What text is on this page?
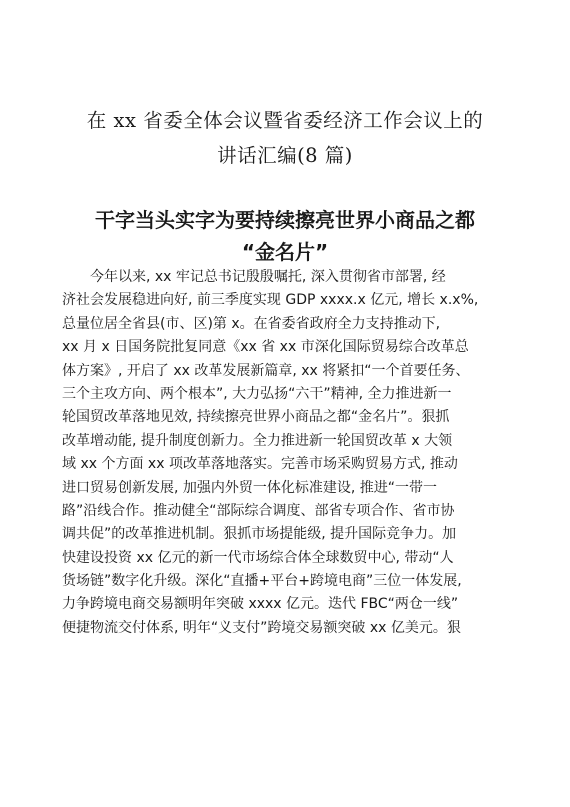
在 xx 省委全体会议暨省委经济工作会议上的
讲话汇编(8 篇)
干字当头实字为要持续擦亮世界小商品之都
“金名片”
今年以来, xx 牢记总书记殷殷嘱托, 深入贯彻省市部署, 经
济社会发展稳进向好, 前三季度实现 GDP xxxx.x 亿元, 增长 x.x%,
总量位居全省县(市、区)第 x。在省委省政府全力支持推动下,
xx 月 x 日国务院批复同意《xx 省 xx 市深化国际贸易综合改革总
体方案》, 开启了 xx 改革发展新篇章, xx 将紧扣“一个首要任务、
三个主攻方向、两个根本”, 大力弘扬“六干”精神, 全力推进新一
轮国贸改革落地见效, 持续擦亮世界小商品之都“金名片”。狠抓
改革增动能, 提升制度创新力。全力推进新一轮国贸改革 x 大领
域 xx 个方面 xx 项改革落地落实。完善市场采购贸易方式, 推动
进口贸易创新发展, 加强内外贸一体化标准建设, 推进“一带一
路”沿线合作。推动健全“部际综合调度、部省专项合作、省市协
调共促”的改革推进机制。狠抓市场提能级, 提升国际竞争力。加
快建设投资 xx 亿元的新一代市场综合体全球数贸中心, 带动“人
货场链”数字化升级。深化“直播+平台+跨境电商”三位一体发展,
力争跨境电商交易额明年突破 xxxx 亿元。迭代 FBC“两仓一线”
便捷物流交付体系, 明年“义支付”跨境交易额突破 xx 亿美元。狠
